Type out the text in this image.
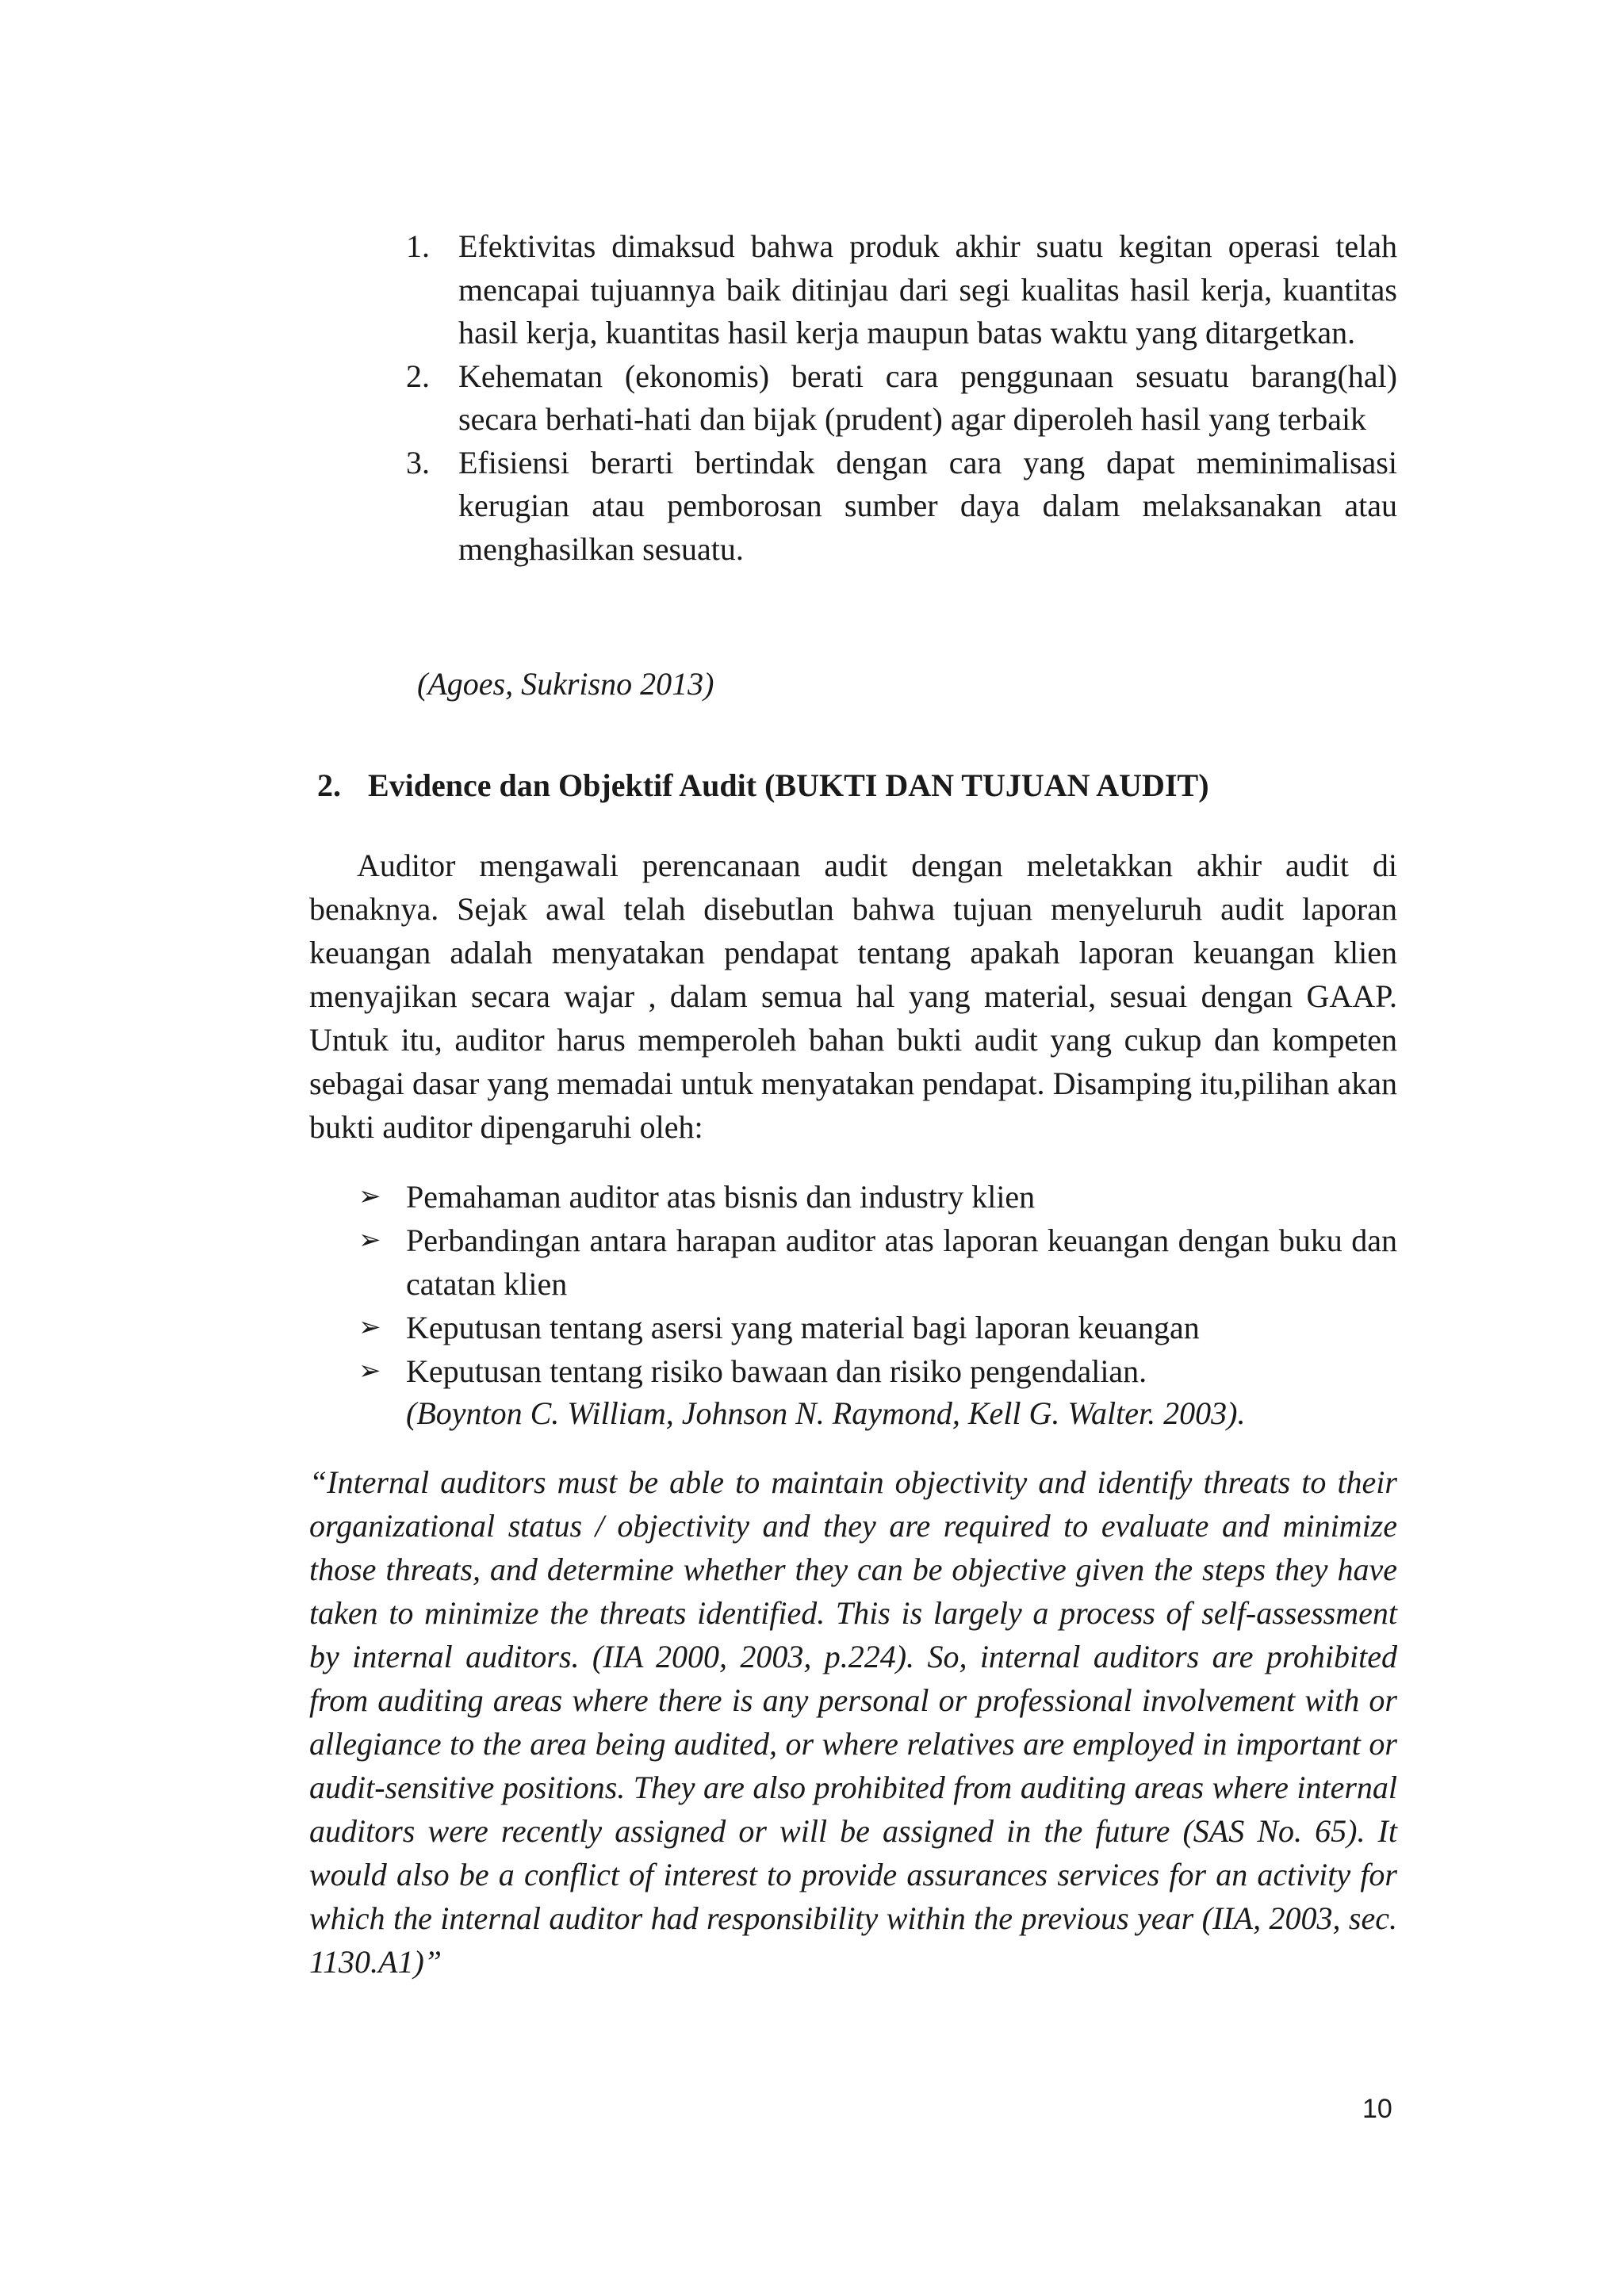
1. Efektivitas dimaksud bahwa produk akhir suatu kegitan operasi telah mencapai tujuannya baik ditinjau dari segi kualitas hasil kerja, kuantitas hasil kerja, kuantitas hasil kerja maupun batas waktu yang ditargetkan.
2. Kehematan (ekonomis) berati cara penggunaan sesuatu barang(hal) secara berhati-hati dan bijak (prudent) agar diperoleh hasil yang terbaik
3. Efisiensi berarti bertindak dengan cara yang dapat meminimalisasi kerugian atau pemborosan sumber daya dalam melaksanakan atau menghasilkan sesuatu.
(Agoes, Sukrisno 2013)
2. Evidence dan Objektif Audit (BUKTI DAN TUJUAN AUDIT)

Auditor mengawali perencanaan audit dengan meletakkan akhir audit di benaknya. Sejak awal telah disebutlan bahwa tujuan menyeluruh audit laporan keuangan adalah menyatakan pendapat tentang apakah laporan keuangan klien menyajikan secara wajar , dalam semua hal yang material, sesuai dengan GAAP. Untuk itu, auditor harus memperoleh bahan bukti audit yang cukup dan kompeten sebagai dasar yang memadai untuk menyatakan pendapat. Disamping itu,pilihan akan bukti auditor dipengaruhi oleh:

➢ Pemahaman auditor atas bisnis dan industry klien
➢ Perbandingan antara harapan auditor atas laporan keuangan dengan buku dan catatan klien
➢ Keputusan tentang asersi yang material bagi laporan keuangan
➢ Keputusan tentang risiko bawaan dan risiko pengendalian.
(Boynton C. William, Johnson N. Raymond, Kell G. Walter. 2003).

“Internal auditors must be able to maintain objectivity and identify threats to their organizational status / objectivity and they are required to evaluate and minimize those threats, and determine whether they can be objective given the steps they have taken to minimize the threats identified. This is largely a process of self-assessment by internal auditors. (IIA 2000, 2003, p.224). So, internal auditors are prohibited from auditing areas where there is any personal or professional involvement with or allegiance to the area being audited, or where relatives are employed in important or audit-sensitive positions. They are also prohibited from auditing areas where internal auditors were recently assigned or will be assigned in the future (SAS No. 65). It would also be a conflict of interest to provide assurances services for an activity for which the internal auditor had responsibility within the previous year (IIA, 2003, sec. 1130.A1)”

10
